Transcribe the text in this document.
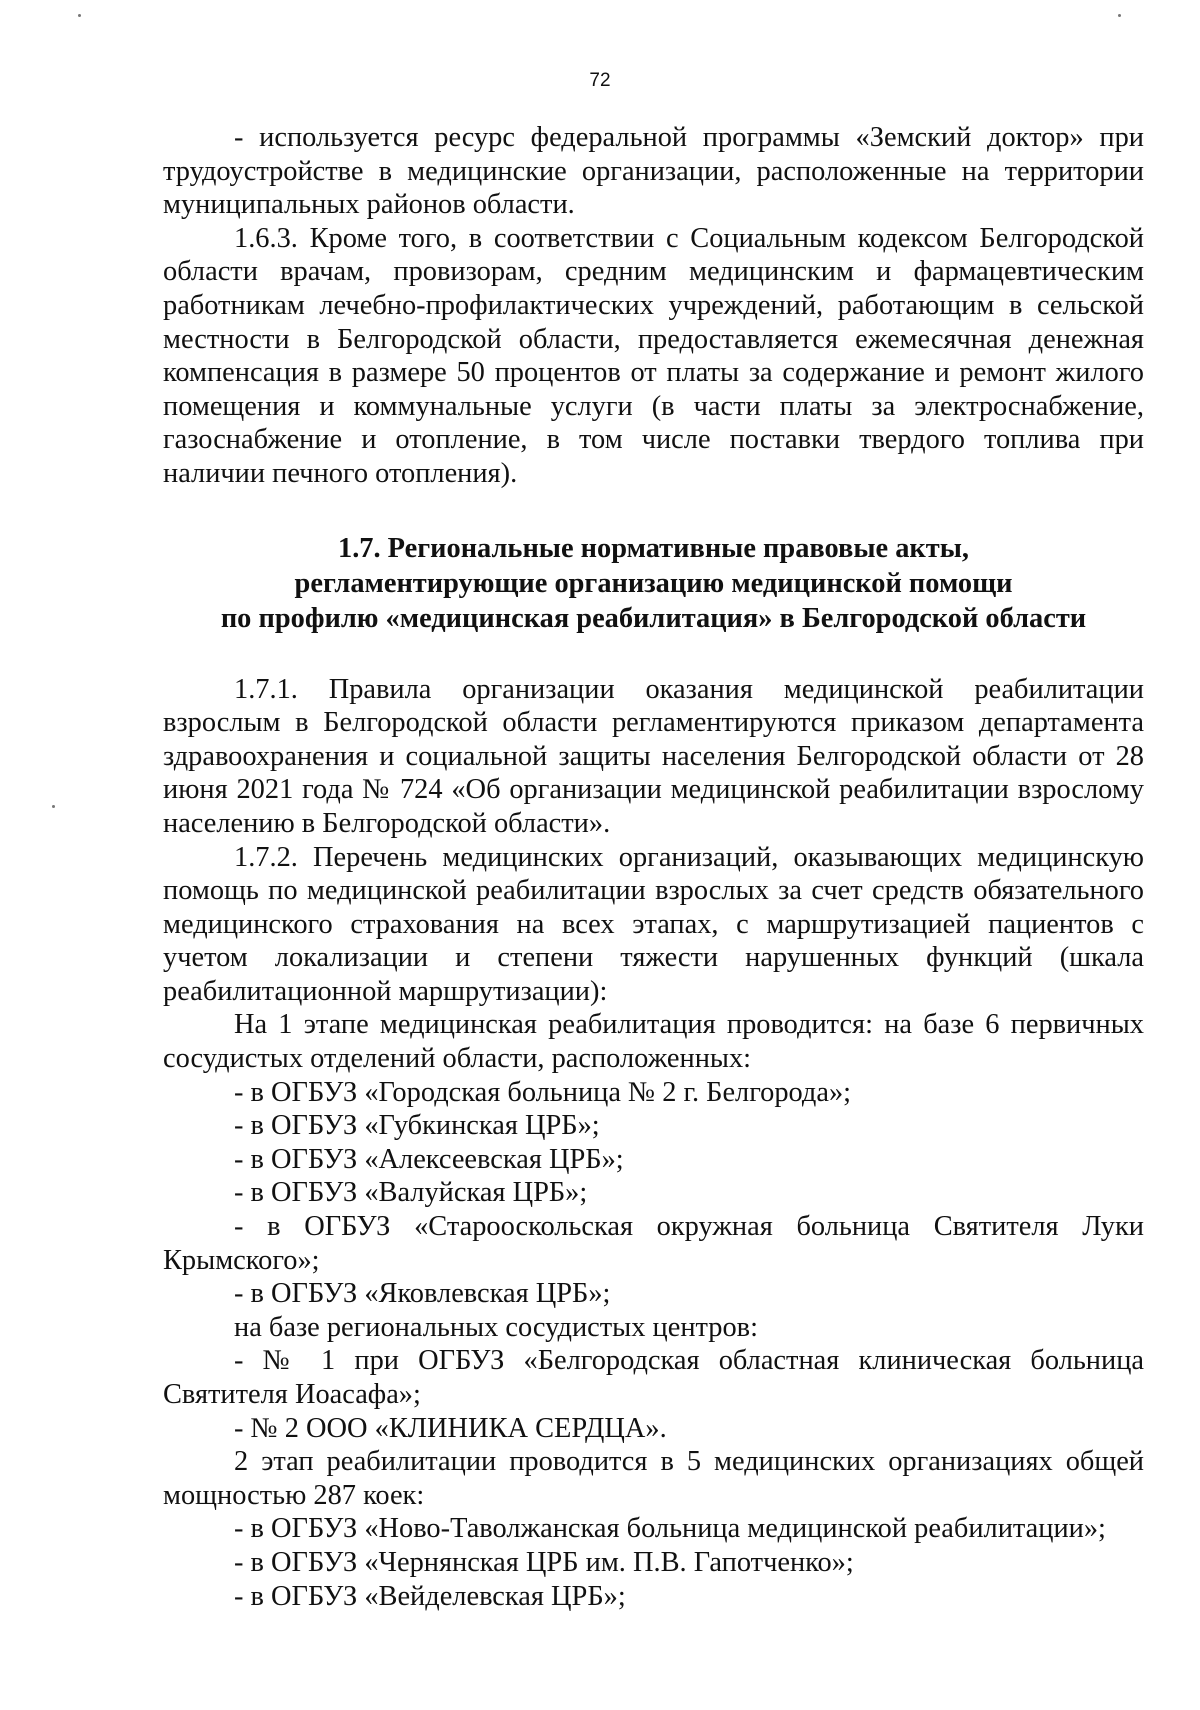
72

- используется ресурс федеральной программы «Земский доктор» при трудоустройстве в медицинские организации, расположенные на территории муниципальных районов области.

1.6.3. Кроме того, в соответствии с Социальным кодексом Белгородской области врачам, провизорам, средним медицинским и фармацевтическим работникам лечебно-профилактических учреждений, работающим в сельской местности в Белгородской области, предоставляется ежемесячная денежная компенсация в размере 50 процентов от платы за содержание и ремонт жилого помещения и коммунальные услуги (в части платы за электроснабжение, газоснабжение и отопление, в том числе поставки твердого топлива при наличии печного отопления).

1.7. Региональные нормативные правовые акты,
регламентирующие организацию медицинской помощи
по профилю «медицинская реабилитация» в Белгородской области

1.7.1. Правила организации оказания медицинской реабилитации взрослым в Белгородской области регламентируются приказом департамента здравоохранения и социальной защиты населения Белгородской области от 28 июня 2021 года № 724 «Об организации медицинской реабилитации взрослому населению в Белгородской области».

1.7.2. Перечень медицинских организаций, оказывающих медицинскую помощь по медицинской реабилитации взрослых за счет средств обязательного медицинского страхования на всех этапах, с маршрутизацией пациентов с учетом локализации и степени тяжести нарушенных функций (шкала реабилитационной маршрутизации):

На 1 этапе медицинская реабилитация проводится: на базе 6 первичных сосудистых отделений области, расположенных:

- в ОГБУЗ «Городская больница № 2 г. Белгорода»;

- в ОГБУЗ «Губкинская ЦРБ»;

- в ОГБУЗ «Алексеевская ЦРБ»;

- в ОГБУЗ «Валуйская ЦРБ»;

- в ОГБУЗ «Старооскольская окружная больница Святителя Луки Крымского»;

- в ОГБУЗ «Яковлевская ЦРБ»;

на базе региональных сосудистых центров:

- № 1 при ОГБУЗ «Белгородская областная клиническая больница Святителя Иоасафа»;

- № 2 ООО «КЛИНИКА СЕРДЦА».

2 этап реабилитации проводится в 5 медицинских организациях общей мощностью 287 коек:

- в ОГБУЗ «Ново-Таволжанская больница медицинской реабилитации»;

- в ОГБУЗ «Чернянская ЦРБ им. П.В. Гапотченко»;

- в ОГБУЗ «Вейделевская ЦРБ»;
